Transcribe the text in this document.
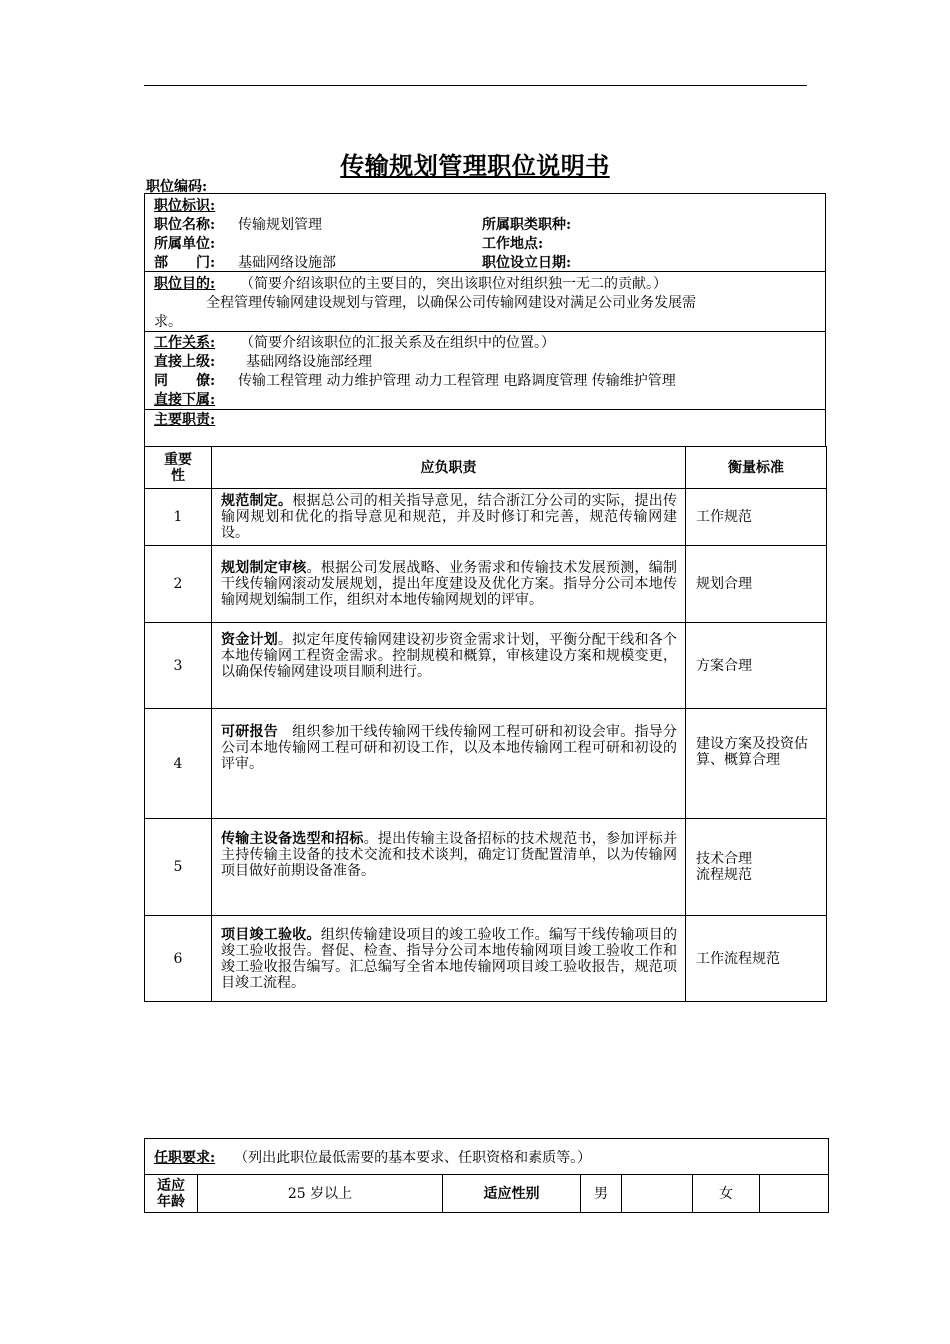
传输规划管理职位说明书
职位编码:
职位标识:
职位名称: 传输规划管理	所属职类职种:
所属单位:	工作地点:
部　　门: 基础网络设施部	职位设立日期:
职位目的: （简要介绍该职位的主要目的，突出该职位对组织独一无二的贡献。）
全程管理传输网建设规划与管理，以确保公司传输网建设对满足公司业务发展需
求。
工作关系: （简要介绍该职位的汇报关系及在组织中的位置。）
直接上级: 基础网络设施部经理
同　　僚: 传输工程管理 动力维护管理 动力工程管理 电路调度管理 传输维护管理
直接下属:
主要职责:
重要
性	应负职责	衡量标准
1	规范制定。根据总公司的相关指导意见，结合浙江分公司的实际，提出传输网规划和优化的指导意见和规范，并及时修订和完善，规范传输网建设。	工作规范

2	规划制定审核。根据公司发展战略、业务需求和传输技术发展预测，编制干线传输网滚动发展规划，提出年度建设及优化方案。指导分公司本地传输网规划编制工作，组织对本地传输网规划的评审。	规划合理

3	资金计划。拟定年度传输网建设初步资金需求计划，平衡分配干线和各个本地传输网工程资金需求。控制规模和概算，审核建设方案和规模变更，以确保传输网建设项目顺利进行。	方案合理

4	可研报告　组织参加干线传输网干线传输网工程可研和初设会审。指导分公司本地传输网工程可研和初设工作，以及本地传输网工程可研和初设的评审。	建设方案及投资估算、概算合理

5	传输主设备选型和招标。提出传输主设备招标的技术规范书，参加评标并主持传输主设备的技术交流和技术谈判，确定订货配置清单，以为传输网项目做好前期设备准备。	技术合理
流程规范

6	项目竣工验收。组织传输建设项目的竣工验收工作。编写干线传输项目的竣工验收报告。督促、检查、指导分公司本地传输网项目竣工验收工作和竣工验收报告编写。汇总编写全省本地传输网项目竣工验收报告，规范项目竣工流程。	工作流程规范
任职要求: （列出此职位最低需要的基本要求、任职资格和素质等。）

适应
年龄	25 岁以上	适应性别	男		女	
